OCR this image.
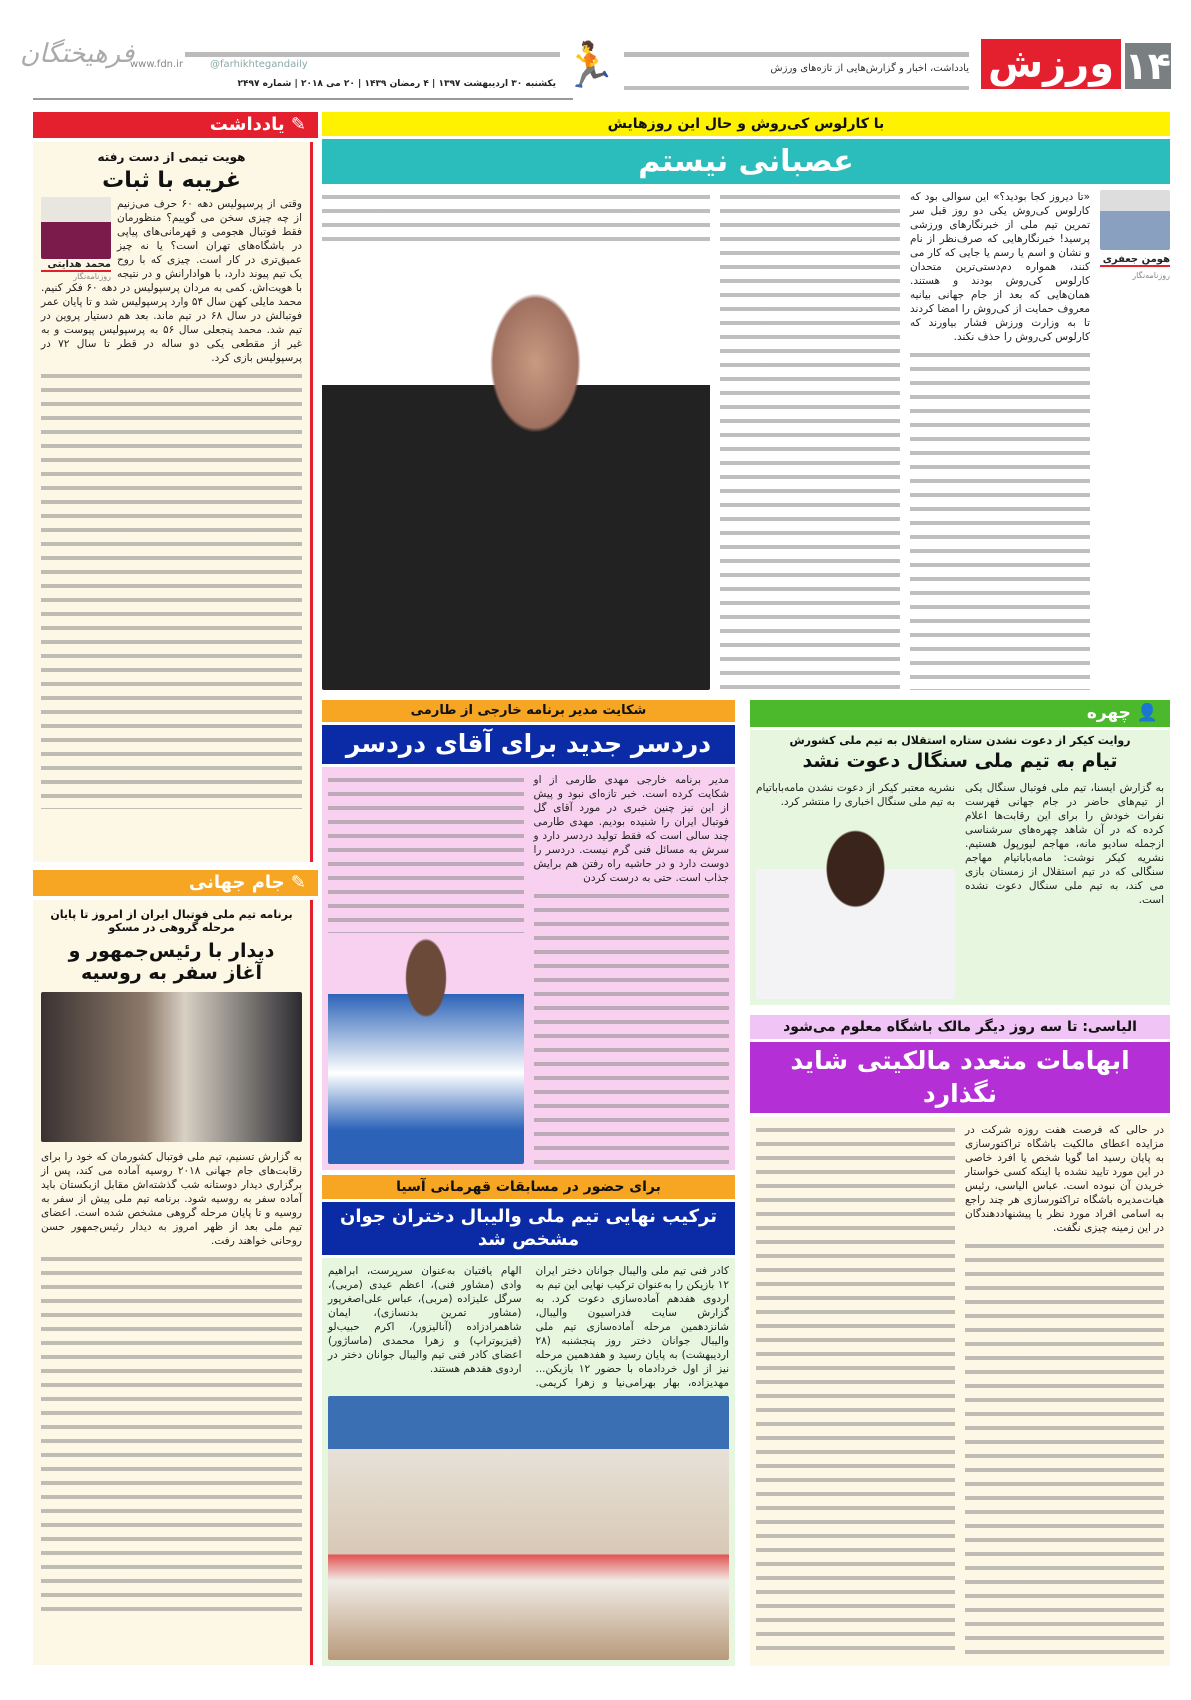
۱۴
ورزش
یادداشت، اخبار و گزارش‌هایی از تازه‌های ورزش
🏃
یکشنبه ۳۰ اردیبهشت ۱۳۹۷ | ۴ رمضان ۱۴۳۹ | ۲۰ می ۲۰۱۸ | شماره ۲۴۹۷
@farhikhtegandaily
www.fdn.ir
فرهیختگان
✎ یادداشت
هویت تیمی از دست رفته
غریبه با ثبات
محمد هدایتی
روزنامه‌نگار
وقتی از پرسپولیس دهه ۶۰ حرف می‌زنیم از چه چیزی سخن می گوییم؟ منظورمان فقط فوتبال هجومی و قهرمانی‌های پیاپی در باشگاه‌های تهران است؟ یا نه چیز عمیق‌تری در کار است. چیزی که با روح یک تیم پیوند دارد، با هوادارانش و در نتیجه با هویت‌اش. کمی به مردان پرسپولیس در دهه ۶۰ فکر کنیم. محمد مایلی کهن سال ۵۴ وارد پرسپولیس شد و تا پایان عمر فوتبالش در سال ۶۸ در تیم ماند. بعد هم دستیار پروین در تیم شد. محمد پنجعلی سال ۵۶ به پرسپولیس پیوست و به غیر از مقطعی یکی دو ساله در قطر تا سال ۷۲ در پرسپولیس بازی کرد.
✎ جام جهانی
برنامه تیم ملی فوتبال ایران از امروز تا پایان مرحله گروهی در مسکو
دیدار با رئیس‌جمهور و آغاز سفر به روسیه
به گزارش تسنیم، تیم ملی فوتبال کشورمان که خود را برای رقابت‌های جام جهانی ۲۰۱۸ روسیه آماده می کند، پس از برگزاری دیدار دوستانه شب گذشته‌اش مقابل ازبکستان باید آماده سفر به روسیه شود. برنامه تیم ملی پیش از سفر به روسیه و تا پایان مرحله گروهی مشخص شده است. اعضای تیم ملی بعد از ظهر امروز به دیدار رئیس‌جمهور حسن روحانی خواهند رفت.
با کارلوس کی‌روش و حال این روزهایش
عصبانی نیستم
هومن جعفری
روزنامه‌نگار
«تا دیروز کجا بودید؟» این سوالی بود که کارلوس کی‌روش یکی دو روز قبل سر تمرین تیم ملی از خبرنگارهای ورزشی پرسید! خبرنگارهایی که صرف‌نظر از نام و نشان و اسم یا رسم یا جایی که کار می کنند، همواره دم‌دستی‌ترین متحدان کارلوس کی‌روش بودند و هستند. همان‌هایی که بعد از جام جهانی بیانیه معروف حمایت از کی‌روش را امضا کردند تا به وزارت ورزش فشار بیاورند که کارلوس کی‌روش را حذف نکند.
شکایت مدیر برنامه خارجی از طارمی
دردسر جدید برای آقای دردسر
مدیر برنامه خارجی مهدی طارمی از او شکایت کرده است. خبر تازه‌ای نبود و پیش از این نیز چنین خبری در مورد آقای گل فوتبال ایران را شنیده بودیم. مهدی طارمی چند سالی است که فقط تولید دردسر دارد و سرش به مسائل فنی گرم نیست. دردسر را دوست دارد و در حاشیه راه رفتن هم برایش جذاب است. حتی به درست کردن
👤 چهره
روایت کیکر از دعوت نشدن ستاره استقلال به تیم ملی کشورش
تیام به تیم ملی سنگال دعوت نشد
به گزارش ایسنا، تیم ملی فوتبال سنگال یکی از تیم‌های حاضر در جام جهانی فهرست نفرات خودش را برای این رقابت‌ها اعلام کرده که در آن شاهد چهره‌های سرشناسی ازجمله سادیو مانه، مهاجم لیورپول هستیم. نشریه کیکر نوشت: مامه‌باباتیام مهاجم سنگالی که در تیم استقلال از زمستان بازی می کند، به تیم ملی سنگال دعوت نشده است.
نشریه معتبر کیکر از دعوت نشدن مامه‌باباتیام به تیم ملی سنگال اخباری را منتشر کرد.
الیاسی: تا سه روز دیگر مالک باشگاه معلوم می‌شود
ابهامات متعدد مالکیتی شاید نگذارد
در حالی که فرصت هفت روزه شرکت در مزایده اعطای مالکیت باشگاه تراکتورسازی به پایان رسید اما گویا شخص یا افرد خاصی در این مورد تایید نشده یا اینکه کسی خواستار خریدن آن نبوده است. عباس الیاسی، رئیس هیات‌مدیره باشگاه تراکتورسازی هر چند راجع به اسامی افراد مورد نظر یا پیشنهاددهندگان در این زمینه چیزی نگفت.
برای حضور در مسابقات قهرمانی آسیا
ترکیب نهایی تیم ملی والیبال دختران جوان مشخص شد
کادر فنی تیم ملی والیبال جوانان دختر ایران ۱۲ بازیکن را به‌عنوان ترکیب نهایی این تیم به اردوی هفدهم آماده‌سازی دعوت کرد. به گزارش سایت فدراسیون والیبال، شانزدهمین مرحله آماده‌سازی تیم ملی والیبال جوانان دختر روز پنجشنبه (۲۸ اردیبهشت) به پایان رسید و هفدهمین مرحله نیز از اول خردادماه با حضور ۱۲ بازیکن... مهدیزاده، بهار بهرامی‌نیا و زهرا کریمی. الهام یافتیان به‌عنوان سرپرست، ابراهیم وادی (مشاور فنی)، اعظم عیدی (مربی)، سرگل علیزاده (مربی)، عباس علی‌اصغرپور (مشاور تمرین بدنسازی)، ایمان شاهمرادزاده (آنالیزور)، اکرم حبیب‌لو (فیزیوتراپ) و زهرا محمدی (ماساژور) اعضای کادر فنی تیم والیبال جوانان دختر در اردوی هفدهم هستند.
